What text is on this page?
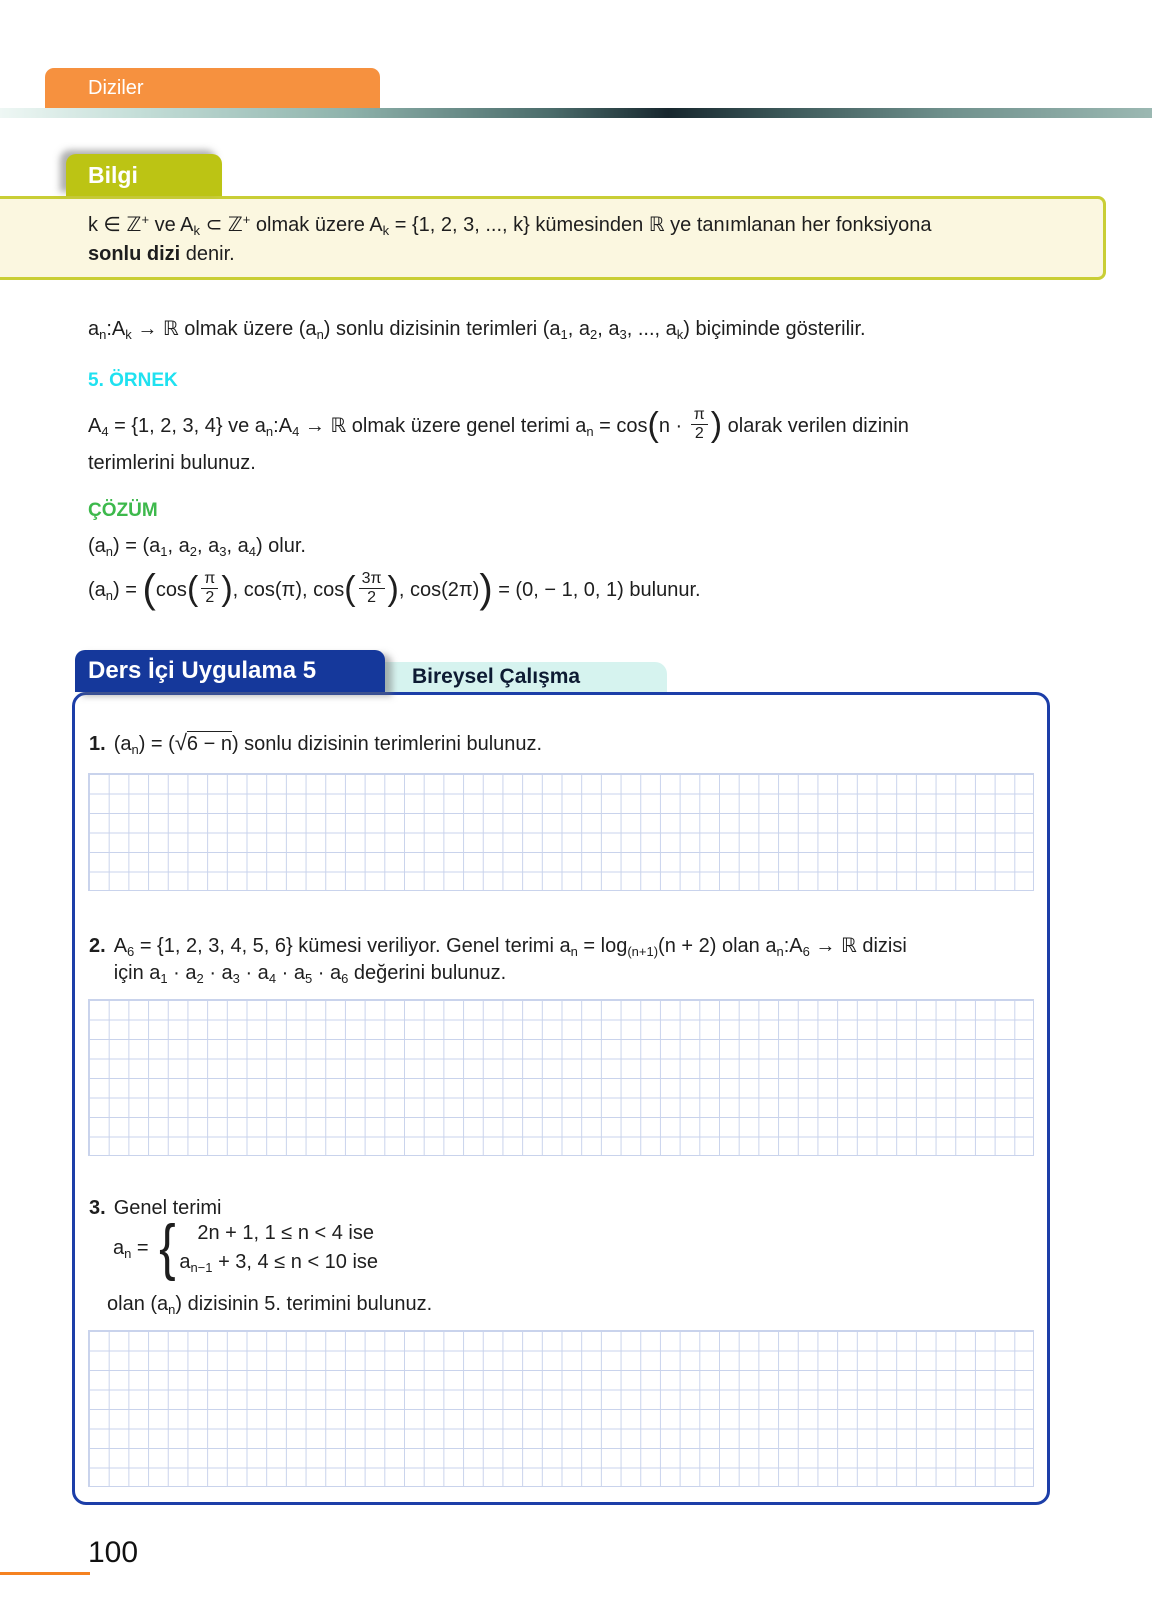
Diziler
Bilgi
k ∈ ℤ+ ve $A_k$ ⊂ ℤ+ olmak üzere $A_k = \{1$, 2, 3, ..., k} kümesinden ℝ ye tanımlanan her fonksiyona
sonlu dizi denir.
$a_n:A_k$ → ℝ olmak üzere $(a_n)$ sonlu dizisinin terimleri ($a_1$, $a_2$, $a_3$, ..., $a_k$) biçiminde gösterilir.
5. ÖRNEK
$A_4 = \{1$, 2, 3, 4} ve $a_n:A_4$ → ℝ olmak üzere genel terimi $a_n = \cos(n \cdot \frac{\pi}{2}$ ) olarak verilen dizinin
terimlerini bulunuz.
ÇÖZÜM
$(a_n) = (a_1$, $a_2$, $a_3$, $a_4$) olur.
$(a_n) = (\cos( \frac{\pi}{2}$ ), cos(π), $\cos( \frac{3\pi}{2}$ ), cos(2π)) = (0, − 1, 0, 1) bulunur.
Ders İçi Uygulama 5	Bireysel Çalışma
1. $(a_n) = (√6 - n)$ sonlu dizisinin terimlerini bulunuz.
2. $A_6 = \{1$, 2, 3, 4, 5, 6} kümesi veriliyor. Genel terimi $a_n = \log_{(n+1)}(n + 2)$ olan $a_n:A_6$ → ℝ dizisi
için $a_1 \cdot a_2 \cdot a_3 \cdot a_4 \cdot a_5 \cdot a_6$ değerini bulunuz.
3. Genel terimi
$a_n$ = {	2n + 1, 1 ≤ n < 4 ise
$a_{n-1} + 3$, 4 ≤ n < 10 ise
olan $(a_n)$ dizisinin 5. terimini bulunuz.
100
